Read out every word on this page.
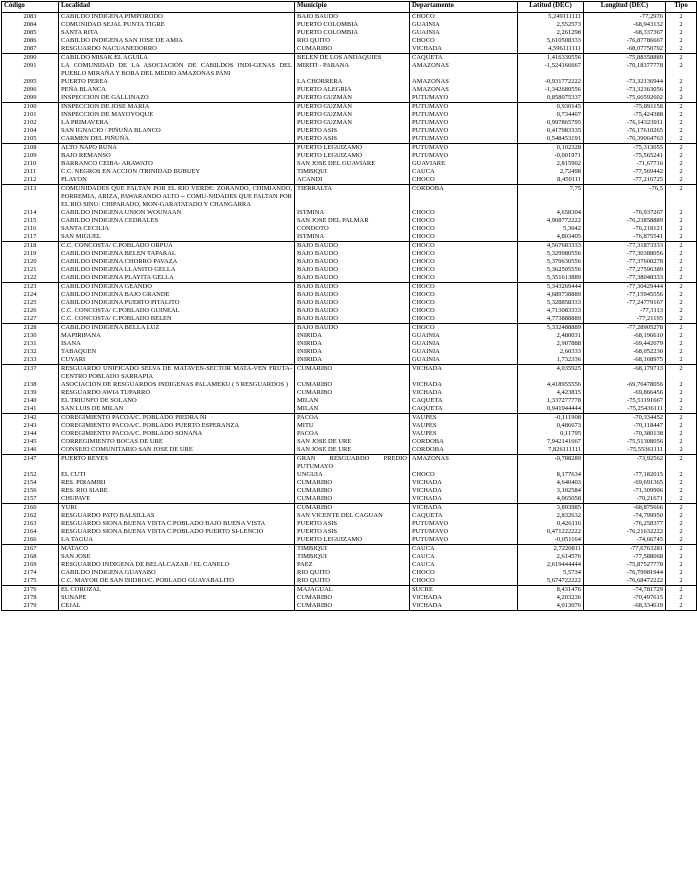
Código	Localidad	Municipio	Departamento	Latitud (DEC)	Longitud (DEC)	Tipo
2083	CABILDO INDIGENA PIMPORODO	BAJO BAUDO	CHOCO	5,249111111	-77,2976	2
2084	COMUNIDAD SEJAL PUNTA TIGRE	PUERTO COLOMBIA	GUAINIA	2,552573	-68,943132	2
2085	SANTA RITA	PUERTO COLOMBIA	GUAINIA	2,261298	-68,337367	2
2086	CABILDO INDIGENA SAN JOSE DE AMIA	RIO QUITO	CHOCO	5,610508333	-76,87786667	2
2087	RESGUARDO NACUANEDORRO	CUMARIBO	VICHADA	4,596111111	-68,07750792	2
2090	CABILDO MISAK EL AGUILA	BELEN DE LOS ANDAQUIES	CAQUETA	1,416330556	-75,88358889	2
2091	LA COMUNIDAD DE LA ASOCIACIÓN DE CABILDOS INDI-GENAS DEL PUEBLO MIRAÑA Y BORA DEL MEDIO AMAZONAS PANI	MIRITI - PARANA	AMAZONAS	-1,524166667	-70,18377778	2
2095	PUERTO PEREA	LA CHORRERA	AMAZONAS	-0,931772222	-73,32136944	2
2096	PEÑA BLANCA	PUERTO ALEGRIA	AMAZONAS	-1,342680556	-73,32363056	2
2099	INSPECCION DE GALLINAZO	PUERTO GUZMÁN	PUTUMAYO	0,858075337	-75,66592602	2
2100	INSPECCION DE JOSE MARIA	PUERTO GUZMÁN	PUTUMAYO	0,930145	-75,891158	2
2101	INSPECCION DE MAYOYOQUE	PUERTO GUZMÁN	PUTUMAYO	0,734407	-75,424388	2
2102	LA PRIMAVERA	PUERTO GUZMÁN	PUTUMAYO	0,997865795	-76,14323911	2
2104	SAN IGNACIO / PIÑUÑA BLANCO	PUERTO ASIS	PUTUMAYO	0,417983335	-76,17610265	2
2105	CARMEN DEL PIÑUÑA	PUERTO ASIS	PUTUMAYO	0,548453191	-76,39064763	2
2108	ALTO NAPO RUNA	PUERTO LEGUIZAMO	PUTUMAYO	0,102328	-75,313055	2
2109	BAJO REMANSO	PUERTO LEGUIZAMO	PUTUMAYO	-0,001971	-75,565241	2
2110	BARRANCO CEIBA- ARAWATO	SAN JOSE DEL GUAVIARE	GUAVIARE	2,815902	-71,67716	2
2111	C.C. NEGROS EN ACCIÓN /TRINIDAD BUBUEY	TIMBIQUI	CAUCA	2,72498	-77,569442	2
2112	PLAYON	ACANDI	CHOCO	8,450111	-77,216725	2
2113	COMUNIDADES QUE FALTAN POR EL RIO VERDE: ZORANDO, CHIMIANDO, PORREMIA, ARIZA, PAWARANDO ALTO -- COMU-NIDADES QUE FALTAN POR EL RIO SINU: CHIPARADO, MON-GARATATADO Y CHANGARRA	TIERRALTA	CORDOBA	7,75	-76,5	2
2114	CABILDO INDIGENA UNION WOUNAAN	ISTMINA	CHOCO	4,658304	-76,937267	2
2115	CABILDO INDIGENA CEDRALES	SAN JOSE DEL PALMAR	CHOCO	4,908772222	-76,23858889	2
2116	SANTA CECILIA	CONDOTO	CHOCO	5,3042	-76,218121	2
2117	SAN MIGUEL	ISTMINA	CHOCO	4,803405	-76,875541	2
2118	C.C. CONCOSTA/ C.POBLADO ORPUA	BAJO BAUDO	CHOCO	4,567683333	-77,31873333	2
2119	CABILDO INDIGENA BELEN TAPARAL	BAJO BAUDO	CHOCO	5,329980556	-77,30388056	2
2120	CABILDO INDIGENA CHORRO PAVAZA	BAJO BAUDO	CHOCO	5,379630556	-77,37600278	2
2121	CABILDO INDIGENA LLANITO GELLA	BAJO BAUDO	CHOCO	5,362505556	-77,27596389	2
2122	CABILDO INDIGENA PLAYITA GELLA	BAJO BAUDO	CHOCO	5,351613889	-77,38048333	2
2123	CABILDO INDIGENA GEANDO	BAJO BAUDO	CHOCO	5,343269444	-77,30429444	2
2124	CABILDO INDIGENA BAJO GRANDE	BAJO BAUDO	CHOCO	4,689738889	-77,15945556	2
2125	CABILDO INDIGENA PUERTO PITALITO	BAJO BAUDO	CHOCO	5,328858333	-77,24779167	2
2126	C.C. CONCOSTA/ C.POBLADO GUINEAL	BAJO BAUDO	CHOCO	4,713083333	-77,3113	2
2127	C.C. CONCOSTA/ C.POBLADO BELEN	BAJO BAUDO	CHOCO	4,773888889	-77,21195	2
2128	CABILDO INDIGENA BELLA LUZ	BAJO BAUDO	CHOCO	5,332488889	-77,28905278	2
2130	MAPIRIPANA	INIRIDA	GUAINIA	2,480031	-68,196610	2
2131	ISANA	INIRIDA	GUAINIA	2,907888	-69,442679	2
2132	TABAQUEN	INIRIDA	GUAINIA	2,60333	-68,052230	2
2133	CUYARI	INIRIDA	GUAINIA	1,732336	-68,168975	2
2137	RESGUARDO UNIFICADO SELVA DE MATAVEN-SECTOR MATA-VEN FRUTA-CENTRO POBLADO SARRAPIA	CUMARIBO	VICHADA	4,035925	-68,179713	2
2138	ASOCIACIÓN DE RESGUARDOS INDIGENAS PALAMEKU ( 5 RESGUARDOS )	CUMARIBO	VICHADA	4,418955556	-69,76478056	2
2139	RESGUARDO AWIA TUPARRO	CUMARIBO	VICHADA	4,423815	-69,866456	2
2140	EL TRIUNFO DE SOLANO	MILAN	CAQUETA	1,337277778	-75,51191667	2
2141	SAN LUIS DE MILAN	MILAN	CAQUETA	0,941944444	-75,25436111	2
2142	COREGIMIENTO PACOA/C. POBLADO PIEDRA ÑI	PACOA	VAUPES	-0,111908	-70,334452	2
2143	COREGIMIENTO PACOA/C. POBLADO PUERTO ESPERANZA	MITU	VAUPES	0,486673	-70,118447	2
2144	COREGIMIENTO PACOA/C. POBLADO SONAÑA	PACOA	VAUPES	0,11795	-70,380138	2
2145	CORREGIMIENTO BOCAS DE URE	SAN JOSE DE URE	CORDOBA	7,942141667	-75,51308056	2
2146	CONSEJO COMUNITARIO SAN JOSE DE URE	SAN JOSE DE URE	CORDOBA	7,826111111	-75,55361111	2
2147	PUERTO REYES	GRAN RESGUARDO PREDIO PUTUMAYO	AMAZONAS	-0,788289	-73,92562	2
2152	EL CUTI	UNGUIA	CHOCO	8,177634	-77,182015	2
2154	RES. PIRAMIRI	CUMARIBO	VICHADA	4,640403	-69,691365	2
2156	RES. RIO SIARE	CUMARIBO	VICHADA	3,102584	-71,309906	2
2157	CHUPAVE	CUMARIBO	VICHADA	4,065058	-70,21671	2
2160	YURI	CUMARIBO	VICHADA	3,893985	-68,875666	2
2162	RESGUARDO PATO BALSILLAS	SAN VICENTE DEL CAGUAN	CAQUETA	2,832632	-74,799950	2
2163	RESGUARDO SIONA BUENA VISTA C.POBLADO BAJO BUENA VISTA	PUERTO ASIS	PUTUMAYO	0,426116	-76,258377	2
2164	RESGUARDO SIONA BUENA VISTA C.POBLADO PUERTO SI-LENCIO	PUERTO ASIS	PUTUMAYO	0,471222222	-76,21632222	2
2166	LA TAGUA	PUERTO LEGUIZAMO	PUTUMAYO	-0,051164	-74,66745	2
2167	MATACO	TIMBIQUI	CAUCA	2,7220811	-77,6763281	2
2168	SAN JOSE	TIMBIQUI	CAUCA	2,614576	-77,588068	2
2169	RESGUARDO INDIGENA DE BELALCAZAR / EL CANELO	PAEZ	CAUCA	2,619444444	-75,87527778	2
2174	CABILDO INDIGENA GUAYABO	RIO QUITO	CHOCO	5,5734	-76,79981944	2
2175	C.C. MAYOR DE SAN ISIDRO/C. POBLADO GUAYABALITO	RIO QUITO	CHOCO	5,674722222	-76,68472222	2
2176	EL COROZAL	MAJAGUAL	SUCRE	8,431476	-74,781729	2
2178	SUNAPE	CUMARIBO	VICHADA	4,203236	-70,497615	2
2179	CEJAL	CUMARIBO	VICHADA	4,013076	-68,334619	2
